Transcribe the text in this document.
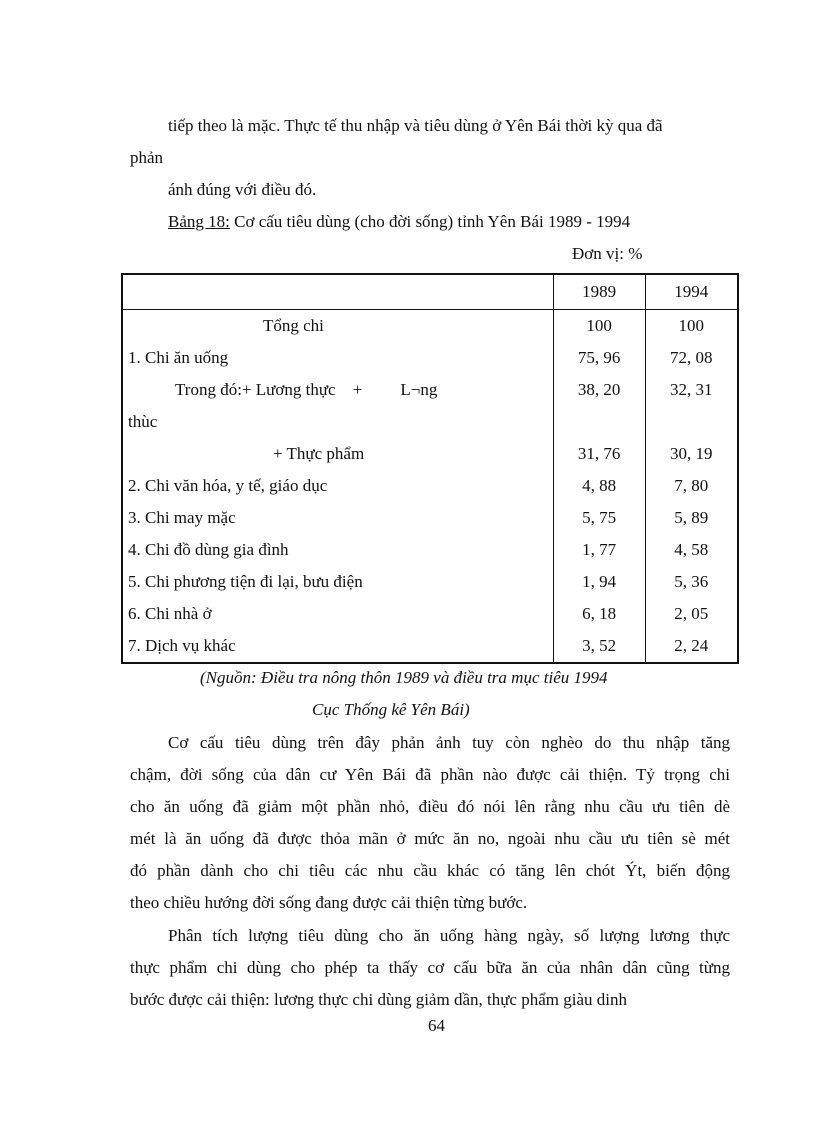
tiếp theo là mặc. Thực tế thu nhập và tiêu dùng ở Yên Bái thời kỳ qua đã
phản
ánh đúng với điều đó.
Bảng 18: Cơ cấu tiêu dùng (cho đời sống) tỉnh Yên Bái 1989 - 1994
Đơn vị: %
	1989	1994
Tổng chi	100	100
1. Chi ăn uống	75, 96	72, 08
Trong đó:+ Lương thực    +         L¬ng	38, 20	32, 31
thùc		
+ Thực phẩm	31, 76	30, 19
2. Chi văn hóa, y tế, giáo dục	4, 88	7, 80
3. Chi may mặc	5, 75	5, 89
4. Chi đồ dùng gia đình	1, 77	4, 58
5. Chi phương tiện đi lại, bưu điện	1, 94	5, 36
6. Chi nhà ở	6, 18	2, 05
7. Dịch vụ khác	3, 52	2, 24
(Nguồn: Điều tra nông thôn 1989 và điều tra mục tiêu 1994
Cục Thống kê Yên Bái)
Cơ cấu tiêu dùng trên đây phản ảnh tuy còn nghèo do thu nhập tăng
chậm, đời sống của dân cư Yên Bái đã phần nào được cải thiện. Tỷ trọng chi
cho ăn uống đã giảm một phần nhỏ, điều đó nói lên rằng nhu cầu ưu tiên dè
mét là ăn uống đã được thỏa mãn ở mức ăn no, ngoài nhu cầu ưu tiên sè mét
đó phần dành cho chi tiêu các nhu cầu khác có tăng lên chót Ýt, biến động
theo chiều hướng đời sống đang được cải thiện từng bước.
Phân tích lượng tiêu dùng cho ăn uống hàng ngày, số lượng lương thực
thực phẩm chi dùng cho phép ta thấy cơ cấu bữa ăn của nhân dân cũng từng
bước được cải thiện: lương thực chi dùng giảm dần, thực phẩm giàu dinh
64
